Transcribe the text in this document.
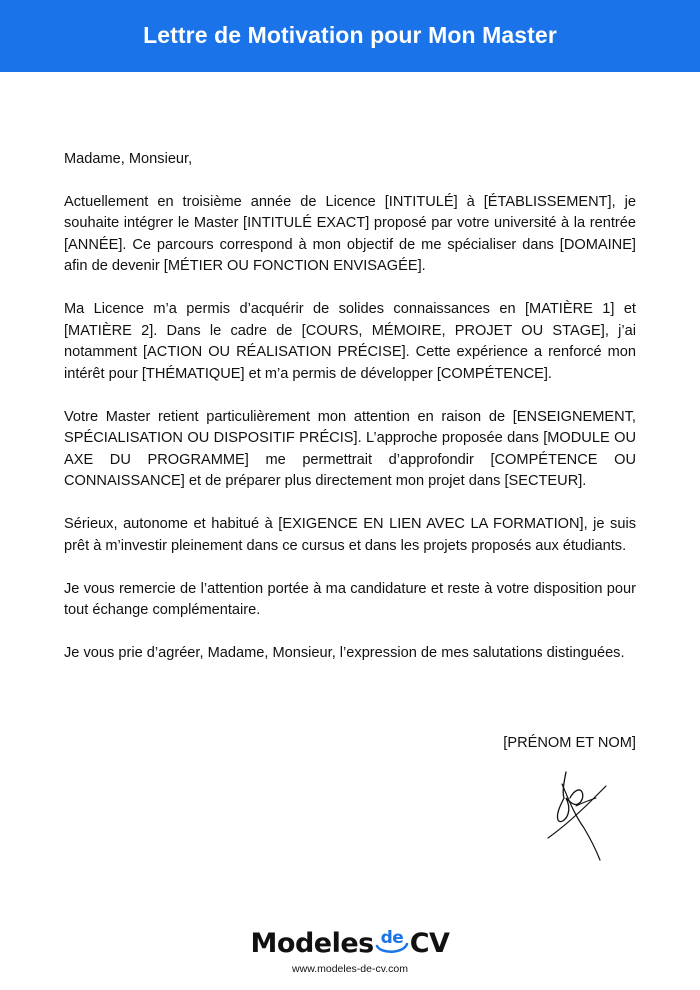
Lettre de Motivation pour Mon Master

Madame, Monsieur,

Actuellement en troisième année de Licence [INTITULÉ] à [ÉTABLISSEMENT], je souhaite intégrer le Master [INTITULÉ EXACT] proposé par votre université à la rentrée [ANNÉE]. Ce parcours correspond à mon objectif de me spécialiser dans [DOMAINE] afin de devenir [MÉTIER OU FONCTION ENVISAGÉE].

Ma Licence m’a permis d’acquérir de solides connaissances en [MATIÈRE 1] et [MATIÈRE 2]. Dans le cadre de [COURS, MÉMOIRE, PROJET OU STAGE], j’ai notamment [ACTION OU RÉALISATION PRÉCISE]. Cette expérience a renforcé mon intérêt pour [THÉMATIQUE] et m’a permis de développer [COMPÉTENCE].

Votre Master retient particulièrement mon attention en raison de [ENSEIGNEMENT, SPÉCIALISATION OU DISPOSITIF PRÉCIS]. L’approche proposée dans [MODULE OU AXE DU PROGRAMME] me permettrait d’approfondir [COMPÉTENCE OU CONNAISSANCE] et de préparer plus directement mon projet dans [SECTEUR].

Sérieux, autonome et habitué à [EXIGENCE EN LIEN AVEC LA FORMATION], je suis prêt à m’investir pleinement dans ce cursus et dans les projets proposés aux étudiants.

Je vous remercie de l’attention portée à ma candidature et reste à votre disposition pour tout échange complémentaire.

Je vous prie d’agréer, Madame, Monsieur, l’expression de mes salutations distinguées.

[PRÉNOM ET NOM]
Modeles de CV
www.modeles-de-cv.com
